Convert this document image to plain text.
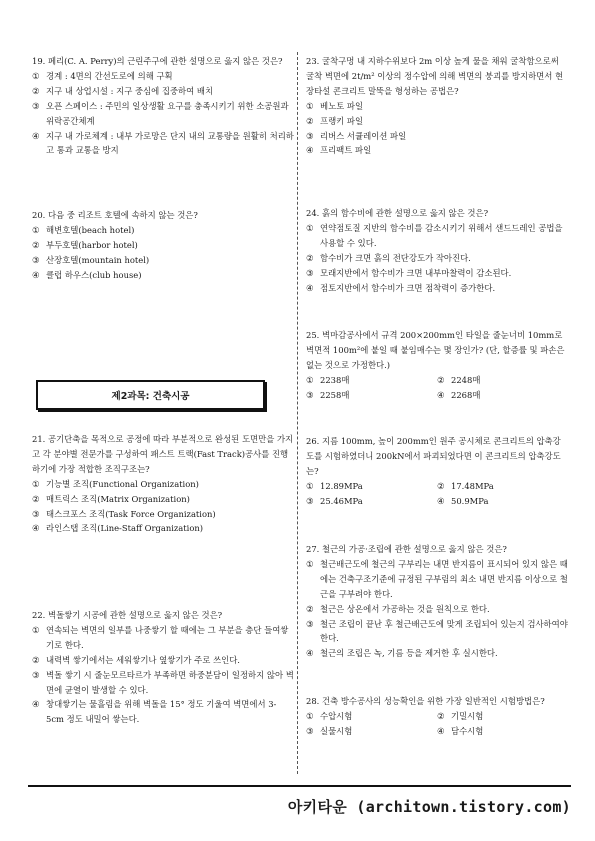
19. 페리(C. A. Perry)의 근린주구에 관한 설명으로 옳지 않은 것은?
① 경계 : 4면의 간선도로에 의해 구획
② 지구 내 상업시설 : 지구 중심에 집중하여 배치
③ 오픈 스페이스 : 주민의 일상생활 요구를 충족시키기 위한 소공원과 위락공간체계
④ 지구 내 가로체계 : 내부 가로망은 단지 내의 교통량을 원활히 처리하고 통과 교통을 방지
20. 다음 중 리조트 호텔에 속하지 않는 것은?
① 해변호텔(beach hotel)
② 부두호텔(harbor hotel)
③ 산장호텔(mountain hotel)
④ 클럽 하우스(club house)
21. 공기단축을 목적으로 공정에 따라 부분적으로 완성된 도면만을 가지고 각 분야별 전문가를 구성하여 패스트 트랙(Fast Track)공사를 진행하기에 가장 적합한 조직구조는?
① 기능별 조직(Functional Organization)
② 매트릭스 조직(Matrix Organization)
③ 태스크포스 조직(Task Force Organization)
④ 라인스탭 조직(Line-Staff Organization)
22. 벽돌쌓기 시공에 관한 설명으로 옳지 않은 것은?
① 연속되는 벽면의 일부를 나중쌓기 할 때에는 그 부분을 층단 들여쌓기로 한다.
② 내력벽 쌓기에서는 세워쌓기나 옆쌓기가 주로 쓰인다.
③ 벽돌 쌓기 시 줄눈모르타르가 부족하면 하중분담이 일정하지 않아 벽면에 균열이 발생할 수 있다.
④ 창대쌓기는 물흘림을 위해 벽돌을 15° 정도 기울여 벽면에서 3-5cm 정도 내밀어 쌓는다.
제2과목: 건축시공
23. 굴착구멍 내 지하수위보다 2m 이상 높게 물을 채워 굴착함으로써 굴착 벽면에 2t/m² 이상의 정수압에 의해 벽면의 붕괴를 방지하면서 현장타설 콘크리트 말뚝을 형성하는 공법은?
① 베노토 파일
② 프랭키 파일
③ 리버스 서큘레이션 파일
④ 프리팩트 파일
24. 흙의 함수비에 관한 설명으로 옳지 않은 것은?
① 연약점토질 지반의 함수비를 감소시키기 위해서 샌드드레인 공법을 사용할 수 있다.
② 함수비가 크면 흙의 전단강도가 작아진다.
③ 모래지반에서 함수비가 크면 내부마찰력이 감소된다.
④ 점토지반에서 함수비가 크면 점착력이 증가한다.
25. 벽마감공사에서 규격 200×200mm인 타일을 줄눈너비 10mm로 벽면적 100m²에 붙일 때 붙임매수는 몇 장인가? (단, 할증률 및 파손은 없는 것으로 가정한다.)
① 2238매	② 2248매
③ 2258매	④ 2268매
26. 지름 100mm, 높이 200mm인 원주 공시체로 콘크리트의 압축강도를 시험하였더니 200kN에서 파괴되었다면 이 콘크리트의 압축강도는?
① 12.89MPa	② 17.48MPa
③ 25.46MPa	④ 50.9MPa
27. 철근의 가공·조립에 관한 설명으로 옳지 않은 것은?
① 철근배근도에 철근의 구부리는 내면 반지름이 표시되어 있지 않은 때에는 건축구조기준에 규정된 구부림의 최소 내면 반지름 이상으로 철근을 구부려야 한다.
② 철근은 상온에서 가공하는 것을 원칙으로 한다.
③ 철근 조립이 끝난 후 철근배근도에 맞게 조립되어 있는지 검사하여야 한다.
④ 철근의 조립은 녹, 기름 등을 제거한 후 실시한다.
28. 건축 방수공사의 성능확인을 위한 가장 일반적인 시험방법은?
① 수압시험	② 기밀시험
③ 실물시험	④ 담수시험
아키타운 (architown.tistory.com)
